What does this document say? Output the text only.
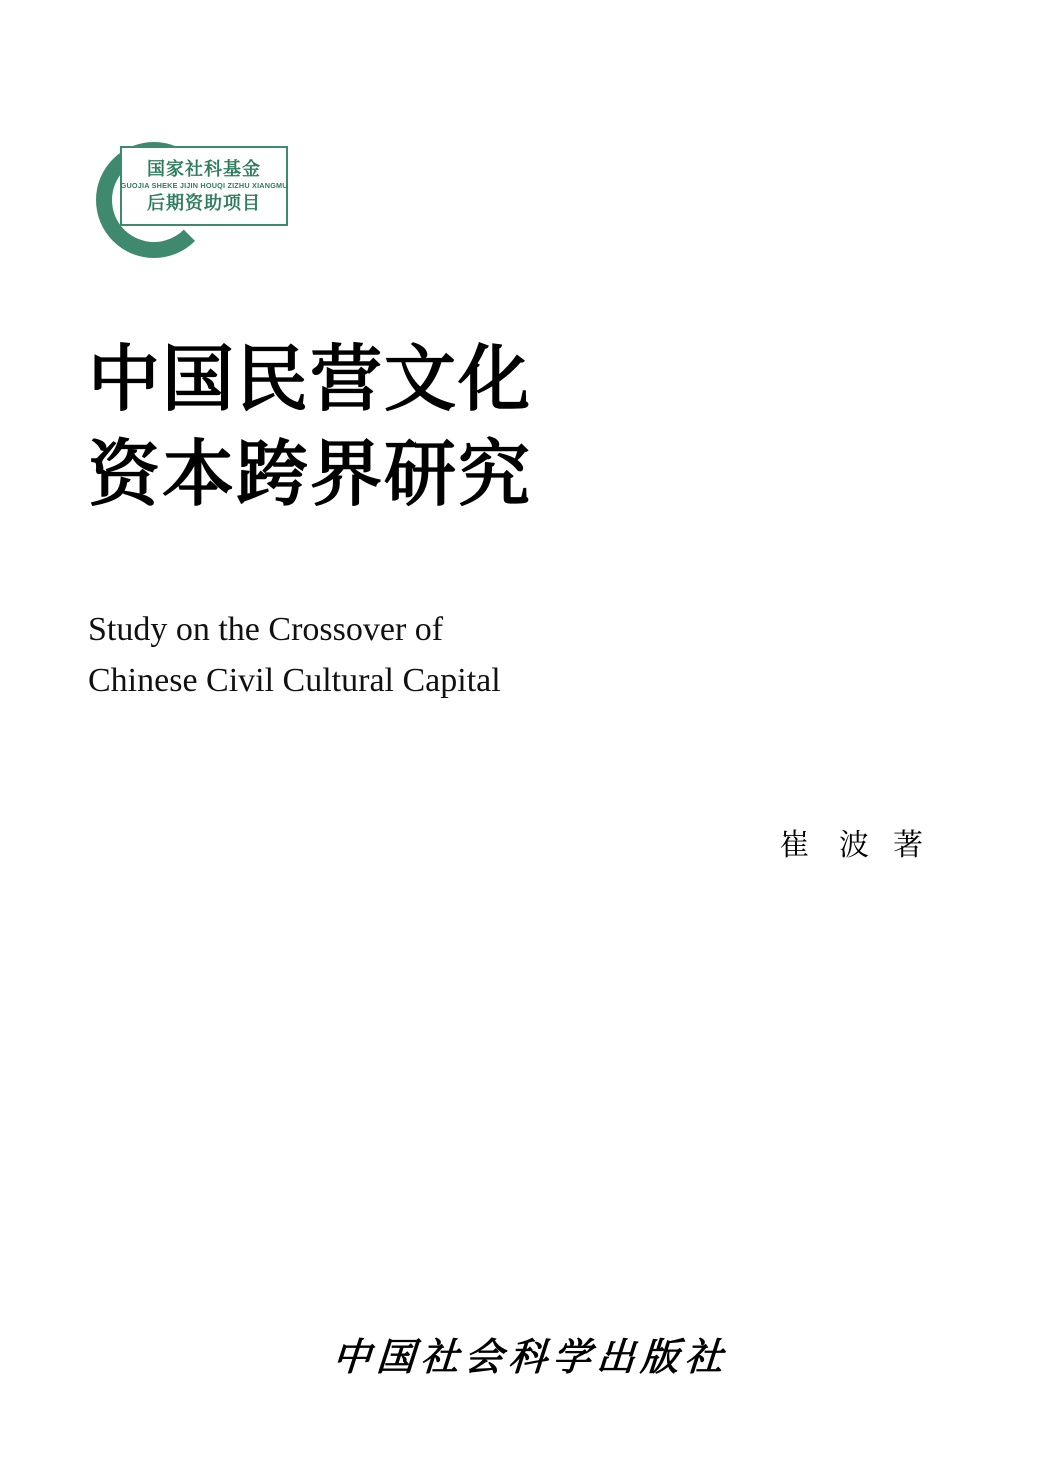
国家社科基金
GUOJIA SHEKE JIJIN HOUQI ZIZHU XIANGMU
后期资助项目
中国民营文化
资本跨界研究
Study on the Crossover of
Chinese Civil Cultural Capital
崔 波 著
中国社会科学出版社
